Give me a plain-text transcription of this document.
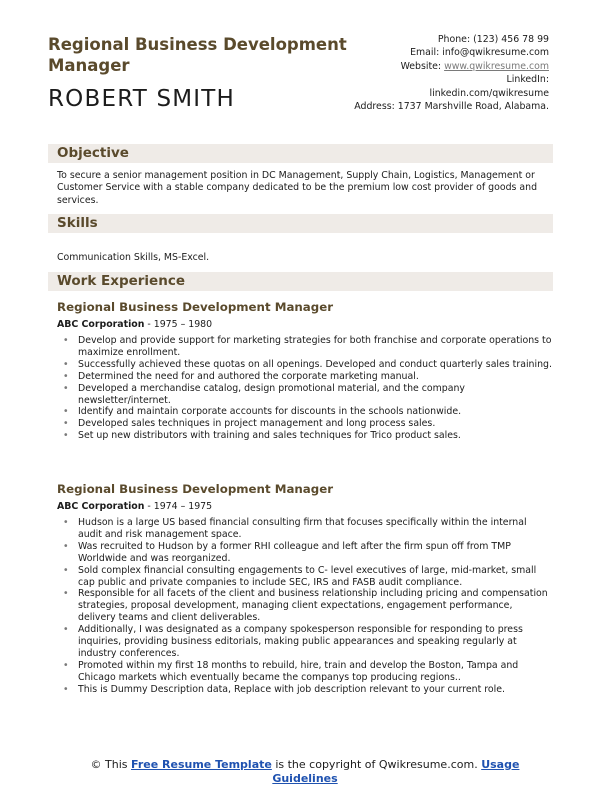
Regional Business Development Manager
ROBERT SMITH
Phone: (123) 456 78 99
Email: info@qwikresume.com
Website: www.qwikresume.com
LinkedIn:
linkedin.com/qwikresume
Address: 1737 Marshville Road, Alabama.
Objective
To secure a senior management position in DC Management, Supply Chain, Logistics, Management or Customer Service with a stable company dedicated to be the premium low cost provider of goods and services.
Skills
Communication Skills, MS-Excel.
Work Experience
Regional Business Development Manager
ABC Corporation - 1975 – 1980
• Develop and provide support for marketing strategies for both franchise and corporate operations to maximize enrollment.
• Successfully achieved these quotas on all openings. Developed and conduct quarterly sales training.
• Determined the need for and authored the corporate marketing manual.
• Developed a merchandise catalog, design promotional material, and the company newsletter/internet.
• Identify and maintain corporate accounts for discounts in the schools nationwide.
• Developed sales techniques in project management and long process sales.
• Set up new distributors with training and sales techniques for Trico product sales.
Regional Business Development Manager
ABC Corporation - 1974 – 1975
• Hudson is a large US based financial consulting firm that focuses specifically within the internal audit and risk management space.
• Was recruited to Hudson by a former RHI colleague and left after the firm spun off from TMP Worldwide and was reorganized.
• Sold complex financial consulting engagements to C- level executives of large, mid-market, small cap public and private companies to include SEC, IRS and FASB audit compliance.
• Responsible for all facets of the client and business relationship including pricing and compensation strategies, proposal development, managing client expectations, engagement performance, delivery teams and client deliverables.
• Additionally, I was designated as a company spokesperson responsible for responding to press inquiries, providing business editorials, making public appearances and speaking regularly at industry conferences.
• Promoted within my first 18 months to rebuild, hire, train and develop the Boston, Tampa and Chicago markets which eventually became the companys top producing regions..
• This is Dummy Description data, Replace with job description relevant to your current role.
© This Free Resume Template is the copyright of Qwikresume.com. Usage Guidelines
